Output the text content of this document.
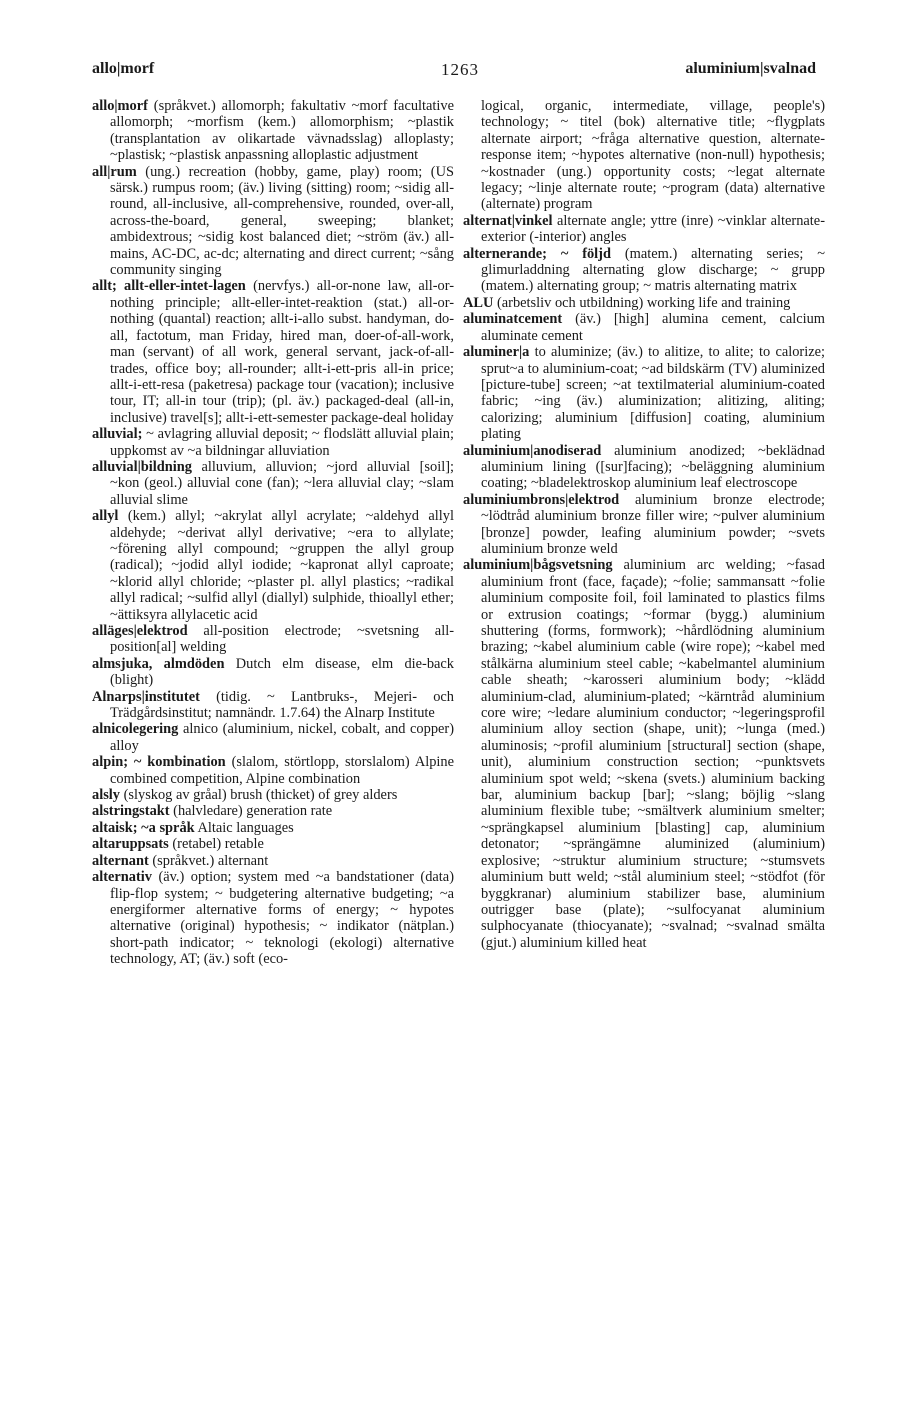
1263
allo|morf	aluminium|svalnad

allo|morf (språkvet.) allomorph; fakultativ ~morf facultative allomorph; ~morfism (kem.) allomorphism; ~plastik (transplantation av olikartade vävnadsslag) alloplasty; ~plastisk; ~plastisk anpassning alloplastic adjustment

all|rum (ung.) recreation (hobby, game, play) room; (US särsk.) rumpus room; (äv.) living (sitting) room; ~sidig all-round, all-inclusive, all-comprehensive, rounded, over-all, across-the-board, general, sweeping; blanket; ambidextrous; ~sidig kost balanced diet; ~ström (äv.) all-mains, AC-DC, ac-dc; alternating and direct current; ~sång community singing

allt; allt-eller-intet-lagen (nervfys.) all-or-none law, all-or-nothing principle; allt-eller-intet-reaktion (stat.) all-or-nothing (quantal) reaction; allt-i-allo subst. handyman, do-all, factotum, man Friday, hired man, doer-of-all-work, man (servant) of all work, general servant, jack-of-all-trades, office boy; all-rounder; allt-i-ett-pris all-in price; allt-i-ett-resa (paketresa) package tour (vacation); inclusive tour, IT; all-in tour (trip); (pl. äv.) packaged-deal (all-in, inclusive) travel[s]; allt-i-ett-semester package-deal holiday

alluvial; ~ avlagring alluvial deposit; ~ flodslätt alluvial plain; uppkomst av ~a bildningar alluviation

alluvial|bildning alluvium, alluvion; ~jord alluvial [soil]; ~kon (geol.) alluvial cone (fan); ~lera alluvial clay; ~slam alluvial slime

allyl (kem.) allyl; ~akrylat allyl acrylate; ~aldehyd allyl aldehyde; ~derivat allyl derivative; ~era to allylate; ~förening allyl compound; ~gruppen the allyl group (radical); ~jodid allyl iodide; ~kapronat allyl caproate; ~klorid allyl chloride; ~plaster pl. allyl plastics; ~radikal allyl radical; ~sulfid allyl (diallyl) sulphide, thioallyl ether; ~ättiksyra allylacetic acid

alläges|elektrod all-position electrode; ~svetsning all-position[al] welding

almsjuka, almdöden Dutch elm disease, elm die-back (blight)

Alnarps|institutet (tidig. ~ Lantbruks-, Mejeri- och Trädgårdsinstitut; namnändr. 1.7.64) the Alnarp Institute

alnicolegering alnico (aluminium, nickel, cobalt, and copper) alloy

alpin; ~ kombination (slalom, störtlopp, storslalom) Alpine combined competition, Alpine combination

alsly (slyskog av gråal) brush (thicket) of grey alders

alstringstakt (halvledare) generation rate

altaisk; ~a språk Altaic languages

altaruppsats (retabel) retable

alternant (språkvet.) alternant

alternativ (äv.) option; system med ~a bandstationer (data) flip-flop system; ~ budgetering alternative budgeting; ~a energiformer alternative forms of energy; ~ hypotes alternative (original) hypothesis; ~ indikator (nätplan.) short-path indicator; ~ teknologi (ekologi) alternative technology, AT; (äv.) soft (eco-

logical, organic, intermediate, village, people's) technology; ~ titel (bok) alternative title; ~flygplats alternate airport; ~fråga alternative question, alternate-response item; ~hypotes alternative (non-null) hypothesis; ~kostnader (ung.) opportunity costs; ~legat alternate legacy; ~linje alternate route; ~program (data) alternative (alternate) program

alternat|vinkel alternate angle; yttre (inre) ~vinklar alternate-exterior (-interior) angles

alternerande; ~ följd (matem.) alternating series; ~ glimurladdning alternating glow discharge; ~ grupp (matem.) alternating group; ~ matris alternating matrix

ALU (arbetsliv och utbildning) working life and training

aluminatcement (äv.) [high] alumina cement, calcium aluminate cement

aluminer|a to aluminize; (äv.) to alitize, to alite; to calorize; sprut~a to aluminium-coat; ~ad bildskärm (TV) aluminized [picture-tube] screen; ~at textilmaterial aluminium-coated fabric; ~ing (äv.) aluminization; alitizing, aliting; calorizing; aluminium [diffusion] coating, aluminium plating

aluminium|anodiserad aluminium anodized; ~beklädnad aluminium lining ([sur]facing); ~beläggning aluminium coating; ~bladelektroskop aluminium leaf electroscope

aluminiumbrons|elektrod aluminium bronze electrode; ~lödtråd aluminium bronze filler wire; ~pulver aluminium [bronze] powder, leafing aluminium powder; ~svets aluminium bronze weld

aluminium|bågsvetsning aluminium arc welding; ~fasad aluminium front (face, façade); ~folie; sammansatt ~folie aluminium composite foil, foil laminated to plastics films or extrusion coatings; ~formar (bygg.) aluminium shuttering (forms, formwork); ~hårdlödning aluminium brazing; ~kabel aluminium cable (wire rope); ~kabel med stålkärna aluminium steel cable; ~kabelmantel aluminium cable sheath; ~karosseri aluminium body; ~klädd aluminium-clad, aluminium-plated; ~kärntråd aluminium core wire; ~ledare aluminium conductor; ~legeringsprofil aluminium alloy section (shape, unit); ~lunga (med.) aluminosis; ~profil aluminium [structural] section (shape, unit), aluminium construction section; ~punktsvets aluminium spot weld; ~skena (svets.) aluminium backing bar, aluminium backup [bar]; ~slang; böjlig ~slang aluminium flexible tube; ~smältverk aluminium smelter; ~sprängkapsel aluminium [blasting] cap, aluminium detonator; ~sprängämne aluminized (aluminium) explosive; ~struktur aluminium structure; ~stumsvets aluminium butt weld; ~stål aluminium steel; ~stödfot (för byggkranar) aluminium stabilizer base, aluminium outrigger base (plate); ~sulfocyanat aluminium sulphocyanate (thiocyanate); ~svalnad; ~svalnad smälta (gjut.) aluminium killed heat
